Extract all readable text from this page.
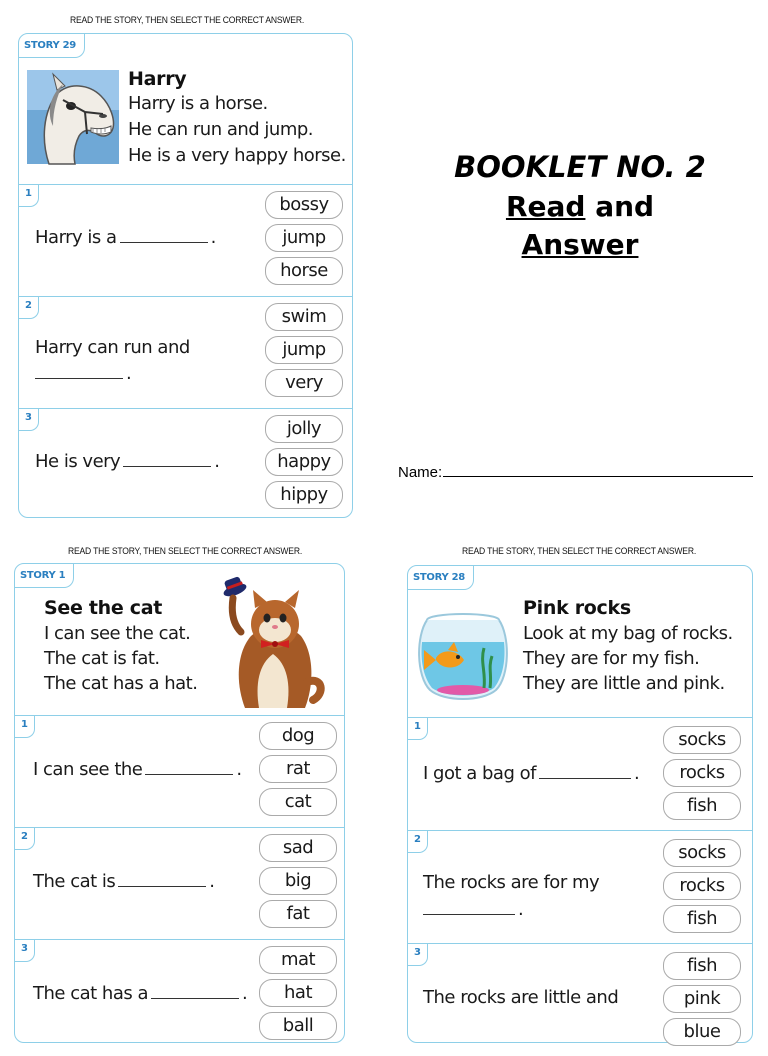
READ THE STORY, THEN SELECT THE CORRECT ANSWER.
READ THE STORY, THEN SELECT THE CORRECT ANSWER.	READ THE STORY, THEN SELECT THE CORRECT ANSWER.
STORY 29
Harry
Harry is a horse.
He can run and jump.
He is a very happy horse.
1
Harry is a	.
bossy
jump
horse
2
Harry can run and
.
swim
jump
very
3
He is very	.
jolly
happy
hippy
BOOKLET NO. 2
Read and
Answer
Name:
STORY 1
See the cat
I can see the cat.
The cat is fat.
The cat has a hat.
1
I can see the	.
dog
rat
cat
2
The cat is	.
sad
big
fat
3
The cat has a	.
mat
hat
ball
STORY 28
Pink rocks
Look at my bag of rocks.
They are for my fish.
They are little and pink.
1
I got a bag of	.
socks
rocks
fish
2
The rocks are for my
.
socks
rocks
fish
3
The rocks are little and
fish
pink
blue
